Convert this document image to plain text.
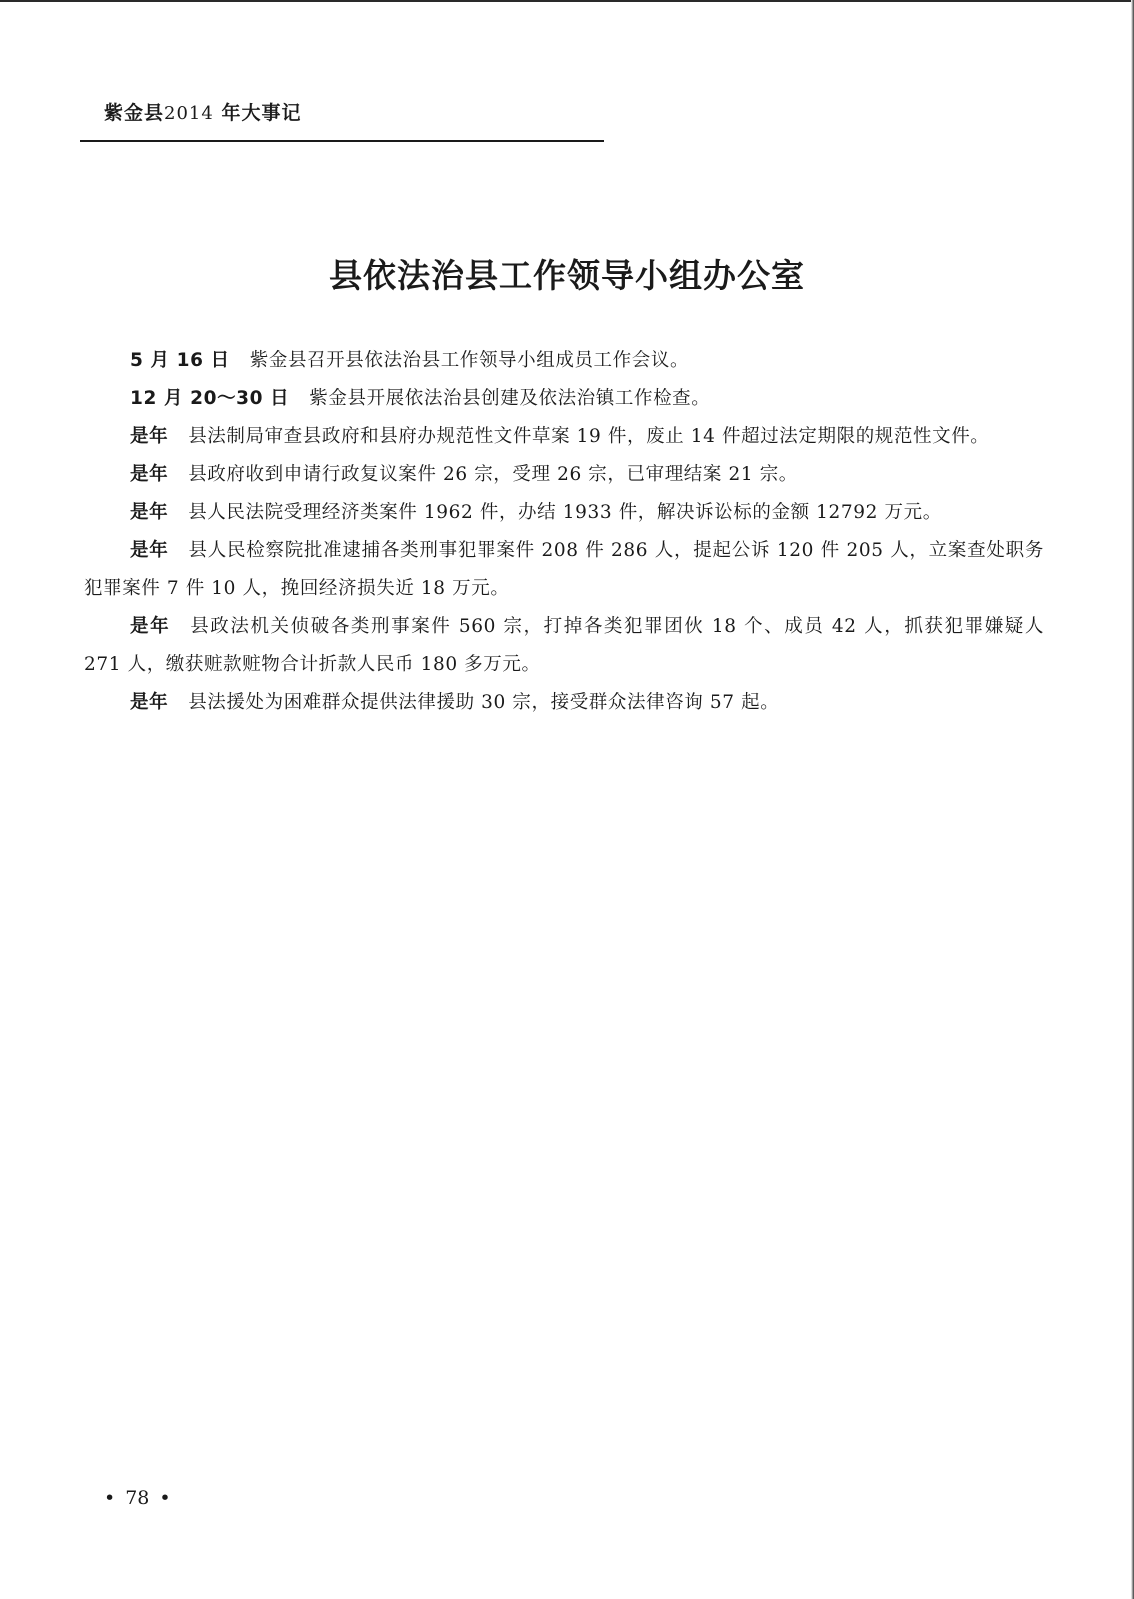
紫金县2014 年大事记
县依法治县工作领导小组办公室

5 月 16 日 紫金县召开县依法治县工作领导小组成员工作会议。

12 月 20～30 日 紫金县开展依法治县创建及依法治镇工作检查。

是年 县法制局审查县政府和县府办规范性文件草案 19 件，废止 14 件超过法定期限的规范性文件。

是年 县政府收到申请行政复议案件 26 宗，受理 26 宗，已审理结案 21 宗。

是年 县人民法院受理经济类案件 1962 件，办结 1933 件，解决诉讼标的金额 12792 万元。

是年 县人民检察院批准逮捕各类刑事犯罪案件 208 件 286 人，提起公诉 120 件 205 人，立案查处职务犯罪案件 7 件 10 人，挽回经济损失近 18 万元。

是年 县政法机关侦破各类刑事案件 560 宗，打掉各类犯罪团伙 18 个、成员 42 人，抓获犯罪嫌疑人 271 人，缴获赃款赃物合计折款人民币 180 多万元。

是年 县法援处为困难群众提供法律援助 30 宗，接受群众法律咨询 57 起。

• 78 •
